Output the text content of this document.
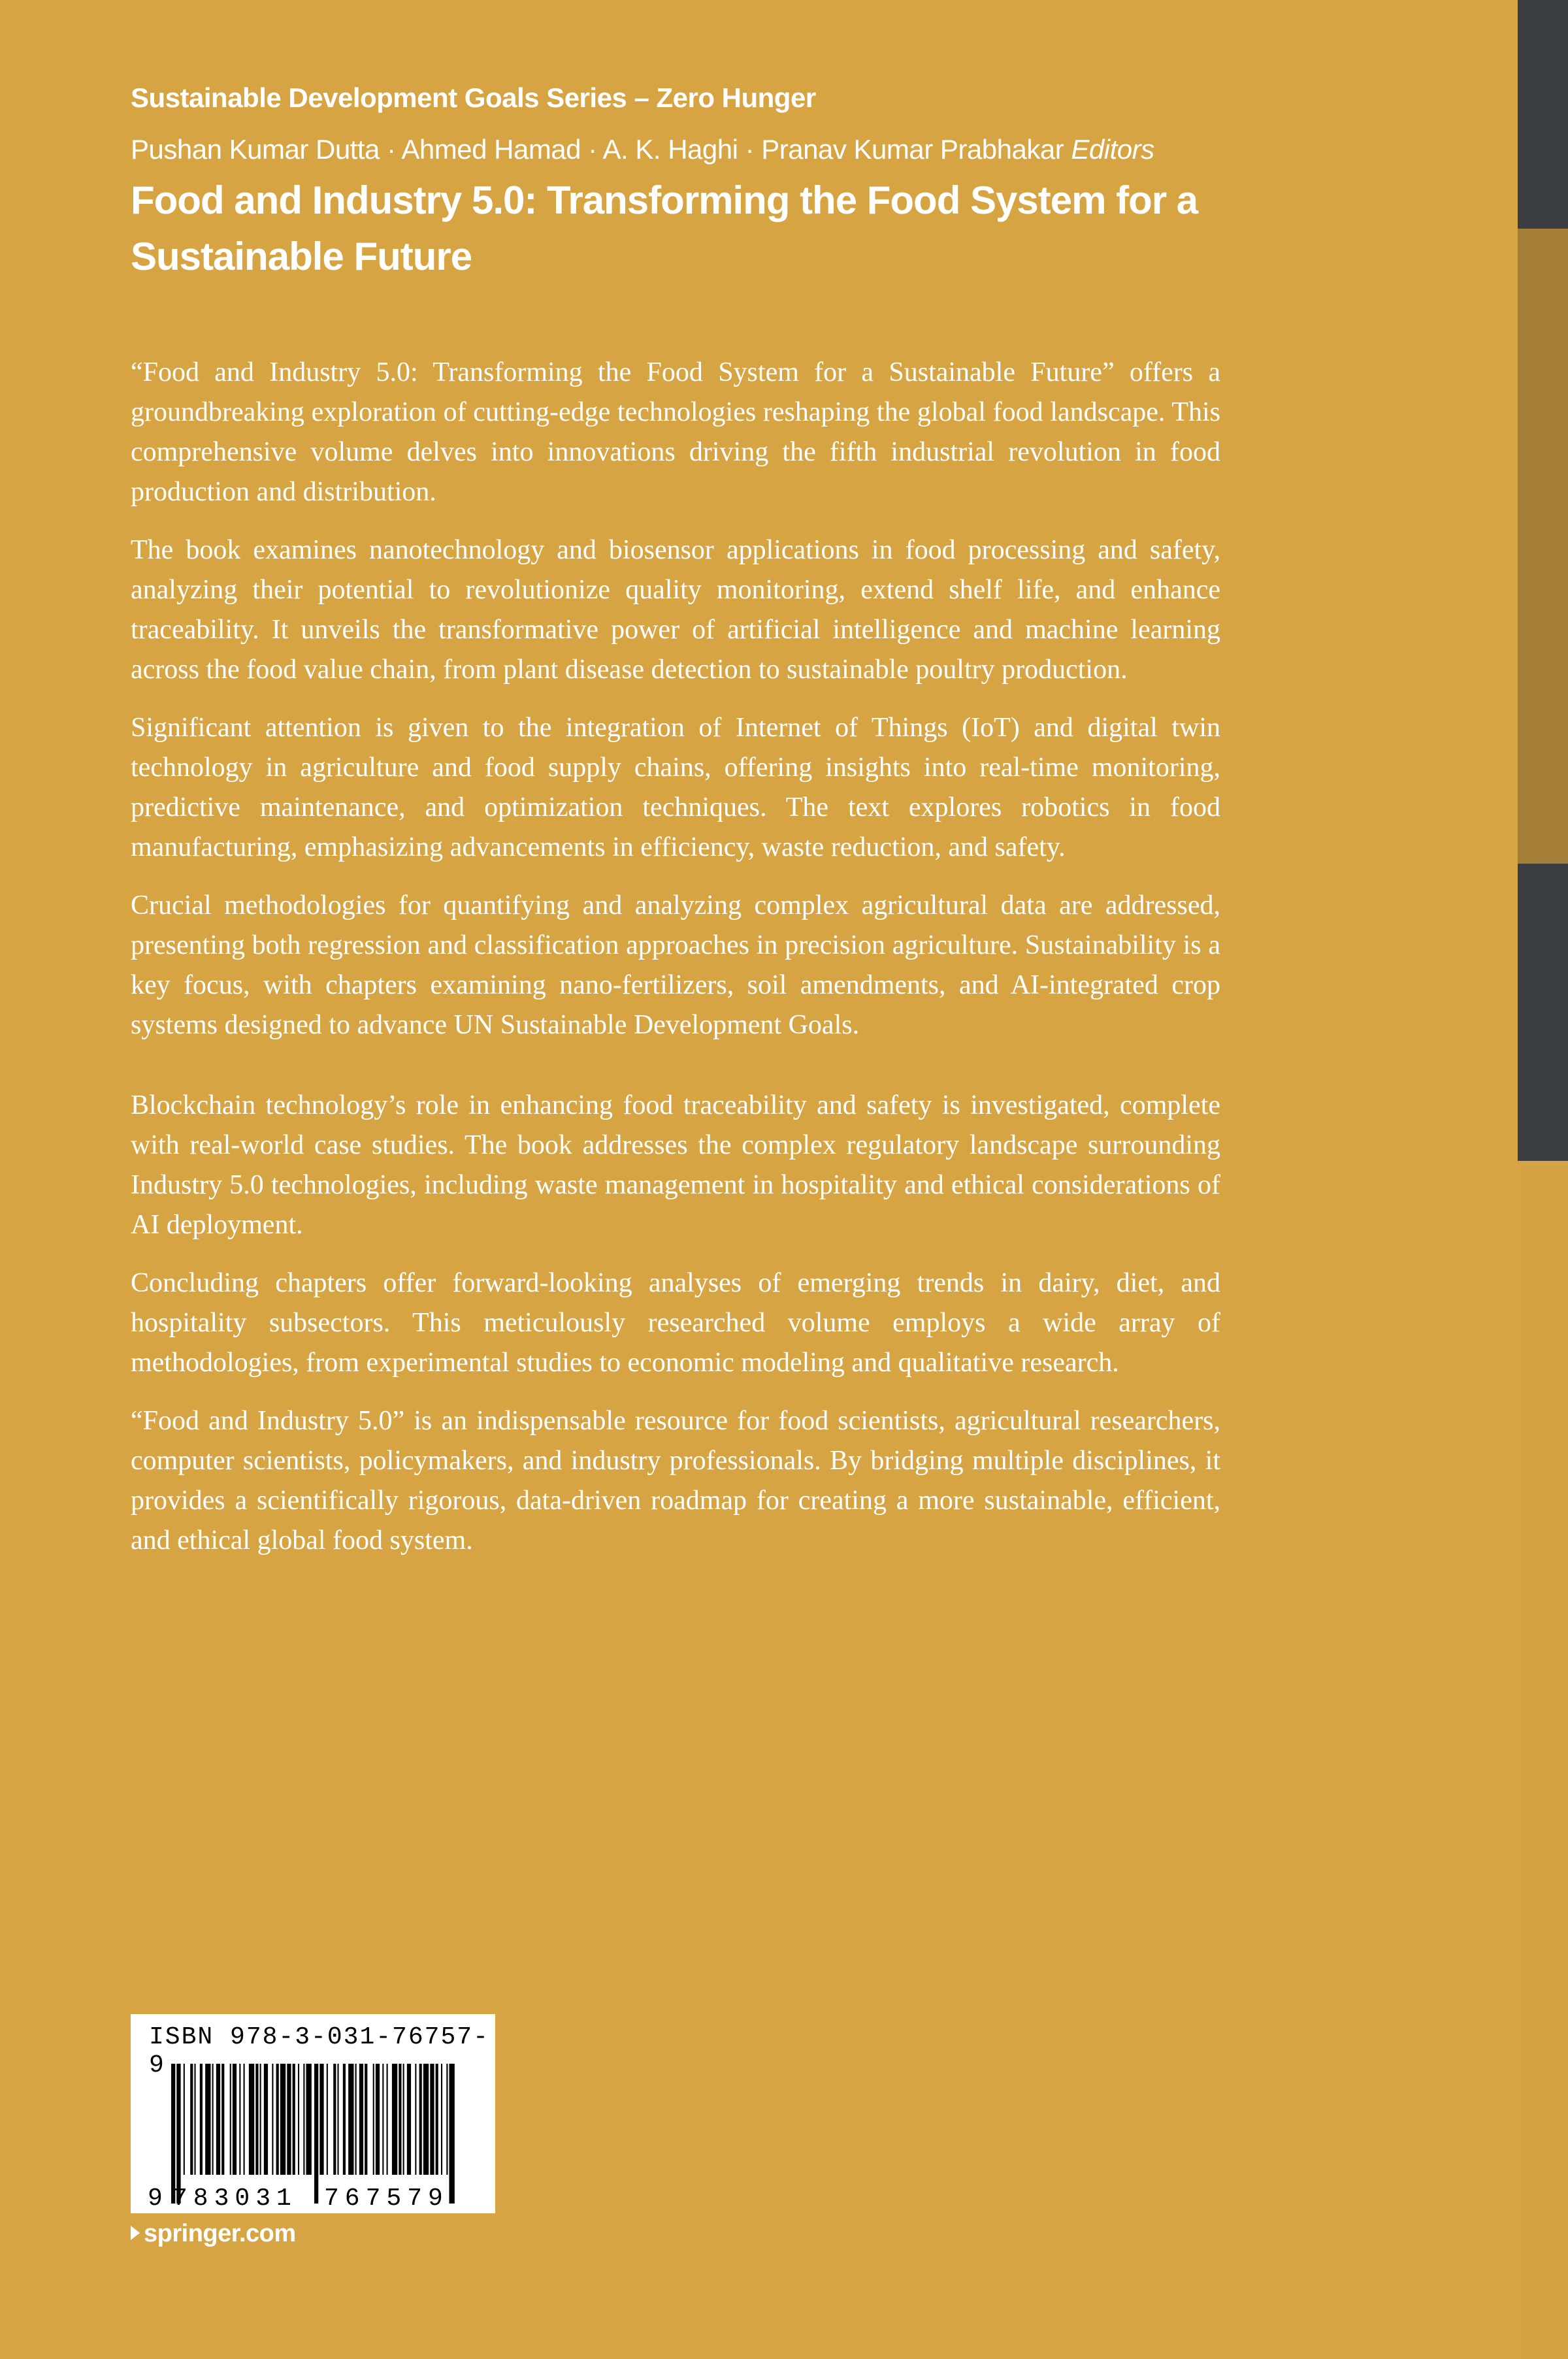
Sustainable Development Goals Series – Zero Hunger

Pushan Kumar Dutta · Ahmed Hamad · A. K. Haghi · Pranav Kumar Prabhakar Editors

Food and Industry 5.0: Transforming the Food System for a
Sustainable Future

“Food and Industry 5.0: Transforming the Food System for a Sustainable Future” offers a groundbreaking exploration of cutting-edge technologies reshaping the global food landscape. This comprehensive volume delves into innovations driving the fifth industrial revolution in food production and distribution.

The book examines nanotechnology and biosensor applications in food processing and safety, analyzing their potential to revolutionize quality monitoring, extend shelf life, and enhance traceability. It unveils the transformative power of artificial intelligence and machine learning across the food value chain, from plant disease detection to sustainable poultry production.

Significant attention is given to the integration of Internet of Things (IoT) and digital twin technology in agriculture and food supply chains, offering insights into real-time monitoring, predictive maintenance, and optimization techniques. The text explores robotics in food manufacturing, emphasizing advancements in efficiency, waste reduction, and safety.

Crucial methodologies for quantifying and analyzing complex agricultural data are addressed, presenting both regression and classification approaches in precision agriculture. Sustainability is a key focus, with chapters examining nano-fertilizers, soil amendments, and AI-integrated crop systems designed to advance UN Sustainable Development Goals.

Blockchain technology’s role in enhancing food traceability and safety is investigated, complete with real-world case studies. The book addresses the complex regulatory landscape surrounding Industry 5.0 technologies, including waste management in hospitality and ethical considerations of AI deployment.

Concluding chapters offer forward-looking analyses of emerging trends in dairy, diet, and hospitality subsectors. This meticulously researched volume employs a wide array of methodologies, from experimental studies to economic modeling and qualitative research.

“Food and Industry 5.0” is an indispensable resource for food scientists, agricultural researchers, computer scientists, policymakers, and industry professionals. By bridging multiple disciplines, it provides a scientifically rigorous, data-driven roadmap for creating a more sustainable, efficient, and ethical global food system.

ISBN 978-3-031-76757-9
9 783031 767579
springer.com
